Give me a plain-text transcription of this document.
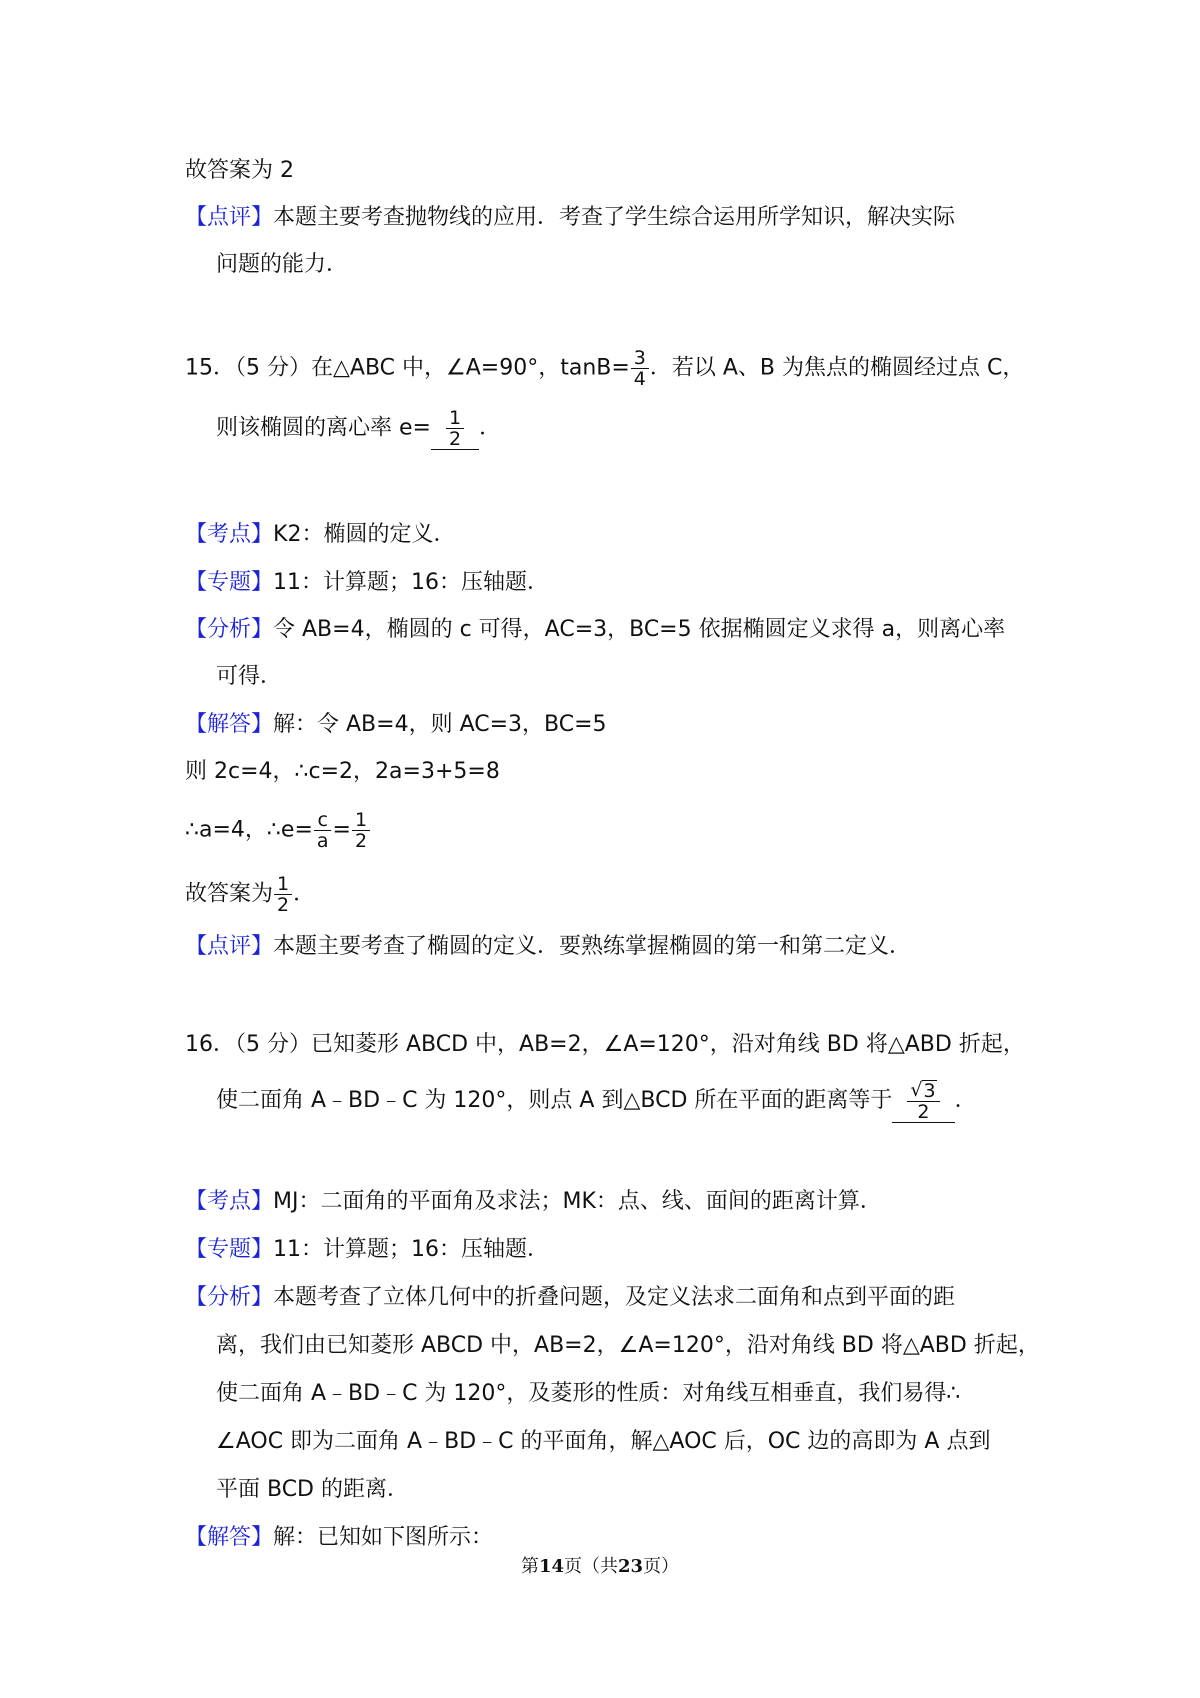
故答案为 2
【点评】本题主要考查抛物线的应用．考查了学生综合运用所学知识，解决实际
问题的能力．
15．（5 分）在△ABC 中，∠A=90°，$\tan B= \frac{3}{4}$ ．若以 A、B 为焦点的椭圆经过点 C，
则该椭圆的离心率 $e= \frac{1}{2}$ ．
【考点】K2：椭圆的定义．
【专题】11：计算题；16：压轴题．
【分析】令 AB=4，椭圆的 c 可得，AC=3，BC=5 依据椭圆定义求得 a，则离心率
可得．
【解答】解：令 AB=4，则 AC=3，BC=5
则 2c=4，∴c=2，2a=3+5=8
∴a=4，∴e= $\frac{c}{a} = \frac{1}{2}$
故答案为 $\frac{1}{2}$ ．
【点评】本题主要考查了椭圆的定义．要熟练掌握椭圆的第一和第二定义．
16．（5 分）已知菱形 ABCD 中，AB=2，∠A=120°，沿对角线 BD 将△ABD 折起，
使二面角 A﹣BD﹣C 为 120°，则点 A 到△BCD 所在平面的距离等于 $\frac{√ 3}{2}$ ．
【考点】MJ：二面角的平面角及求法；MK：点、线、面间的距离计算．
【专题】11：计算题；16：压轴题．
【分析】本题考查了立体几何中的折叠问题，及定义法求二面角和点到平面的距
离，我们由已知菱形 ABCD 中，AB=2，∠A=120°，沿对角线 BD 将△ABD 折起，
使二面角 A﹣BD﹣C 为 120°，及菱形的性质：对角线互相垂直，我们易得∴
∠AOC 即为二面角 A﹣BD﹣C 的平面角，解△AOC 后，OC 边的高即为 A 点到
平面 BCD 的距离．
【解答】解：已知如下图所示：
第14页（共23页）
